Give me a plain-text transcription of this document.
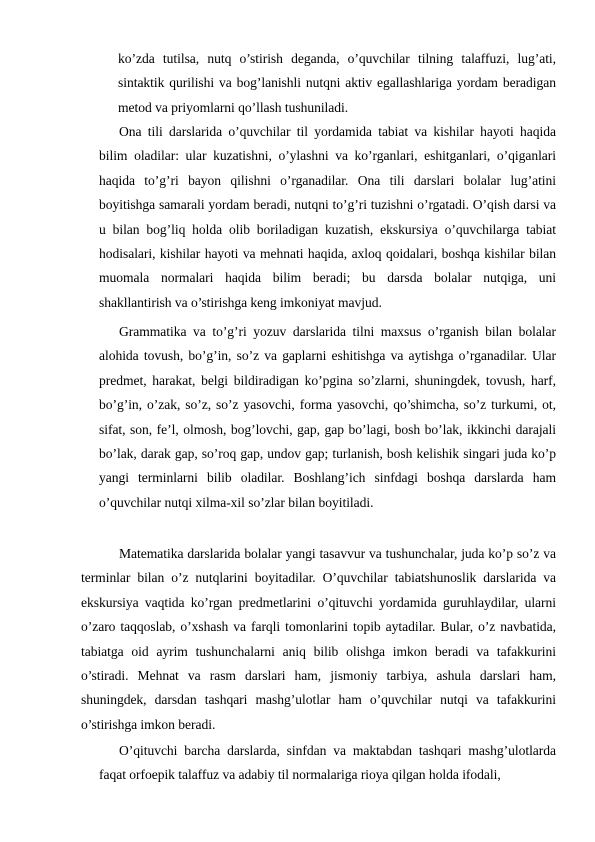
ko’zda tutilsa, nutq o’stirish deganda, o’quvchilar tilning talaffuzi, lug’ati, sintaktik qurilishi va bog’lanishli nutqni aktiv egallashlariga yordam beradigan metod va priyomlarni qo’llash tushuniladi.

Ona tili darslarida o’quvchilar til yordamida tabiat va kishilar hayoti haqida bilim oladilar: ular kuzatishni, o’ylashni va ko’rganlari, eshitganlari, o’qiganlari haqida to’g’ri bayon qilishni o’rganadilar. Ona tili darslari bolalar lug’atini boyitishga samarali yordam beradi, nutqni to’g’ri tuzishni o’rgatadi. O’qish darsi va u bilan bog’liq holda olib boriladigan kuzatish, ekskursiya o’quvchilarga tabiat hodisalari, kishilar hayoti va mehnati haqida, axloq qoidalari, boshqa kishilar bilan muomala normalari haqida bilim beradi; bu darsda bolalar nutqiga, uni shakllantirish va o’stirishga keng imkoniyat mavjud.

Grammatika va to’g’ri yozuv darslarida tilni maxsus o’rganish bilan bolalar alohida tovush, bo’g’in, so’z va gaplarni eshitishga va aytishga o’rganadilar. Ular predmet, harakat, belgi bildiradigan ko’pgina so’zlarni, shuningdek, tovush, harf, bo’g’in, o’zak, so’z, so’z yasovchi, forma yasovchi, qo’shimcha, so’z turkumi, ot, sifat, son, fe’l, olmosh, bog’lovchi, gap, gap bo’lagi, bosh bo’lak, ikkinchi darajali bo’lak, darak gap, so’roq gap, undov gap; turlanish, bosh kelishik singari juda ko’p yangi terminlarni bilib oladilar. Boshlang’ich sinfdagi boshqa darslarda ham o’quvchilar nutqi xilma-xil so’zlar bilan boyitiladi.

Matematika darslarida bolalar yangi tasavvur va tushunchalar, juda ko’p so’z va terminlar bilan o’z nutqlarini boyitadilar. O’quvchilar tabiatshunoslik darslarida va ekskursiya vaqtida ko’rgan predmetlarini o’qituvchi yordamida guruhlaydilar, ularni o’zaro taqqoslab, o’xshash va farqli tomonlarini topib aytadilar. Bular, o’z navbatida, tabiatga oid ayrim tushunchalarni aniq bilib olishga imkon beradi va tafakkurini o’stiradi. Mehnat va rasm darslari ham, jismoniy tarbiya, ashula darslari ham, shuningdek, darsdan tashqari mashg’ulotlar ham o’quvchilar nutqi va tafakkurini o’stirishga imkon beradi.

O’qituvchi barcha darslarda, sinfdan va maktabdan tashqari mashg’ulotlarda faqat orfoepik talaffuz va adabiy til normalariga rioya qilgan holda ifodali,
